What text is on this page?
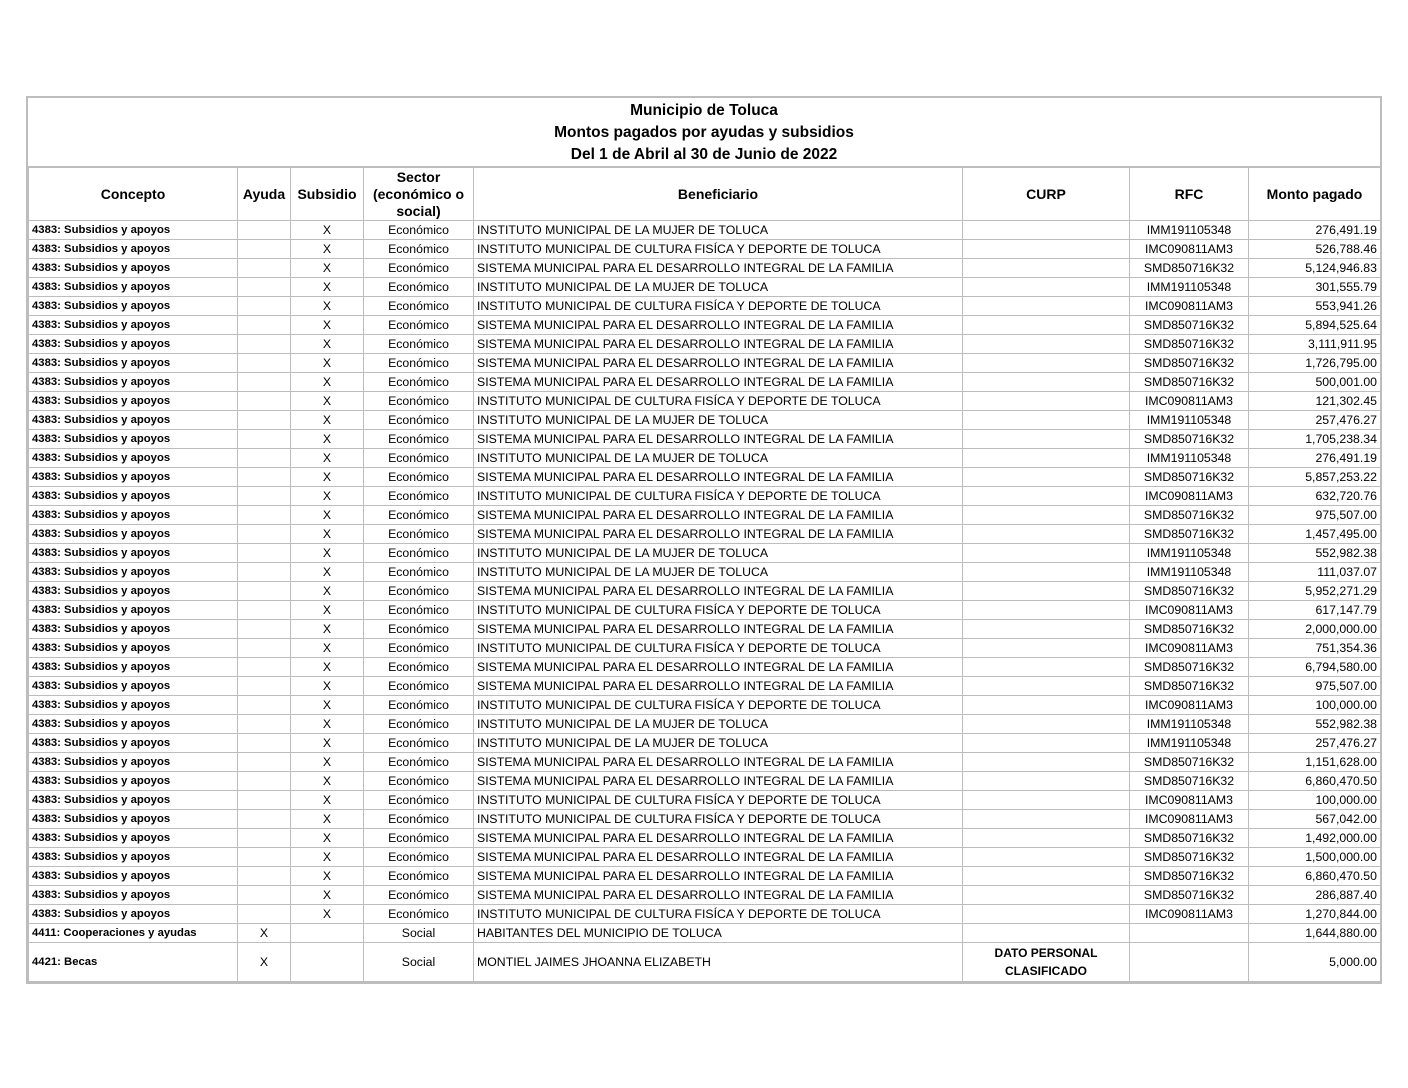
Municipio de Toluca
Montos pagados por ayudas y subsidios
Del 1 de Abril al 30 de Junio de 2022
Concepto	Ayuda	Subsidio	Sector (económico o social)	Beneficiario	CURP	RFC	Monto pagado
4383: Subsidios y apoyos		X	Económico	INSTITUTO MUNICIPAL DE LA MUJER DE TOLUCA		IMM191105348	276,491.19
4383: Subsidios y apoyos		X	Económico	INSTITUTO MUNICIPAL DE CULTURA FISÍCA Y DEPORTE DE TOLUCA		IMC090811AM3	526,788.46
4383: Subsidios y apoyos		X	Económico	SISTEMA MUNICIPAL PARA EL DESARROLLO INTEGRAL DE LA FAMILIA		SMD850716K32	5,124,946.83
4383: Subsidios y apoyos		X	Económico	INSTITUTO MUNICIPAL DE LA MUJER DE TOLUCA		IMM191105348	301,555.79
4383: Subsidios y apoyos		X	Económico	INSTITUTO MUNICIPAL DE CULTURA FISÍCA Y DEPORTE DE TOLUCA		IMC090811AM3	553,941.26
4383: Subsidios y apoyos		X	Económico	SISTEMA MUNICIPAL PARA EL DESARROLLO INTEGRAL DE LA FAMILIA		SMD850716K32	5,894,525.64
4383: Subsidios y apoyos		X	Económico	SISTEMA MUNICIPAL PARA EL DESARROLLO INTEGRAL DE LA FAMILIA		SMD850716K32	3,111,911.95
4383: Subsidios y apoyos		X	Económico	SISTEMA MUNICIPAL PARA EL DESARROLLO INTEGRAL DE LA FAMILIA		SMD850716K32	1,726,795.00
4383: Subsidios y apoyos		X	Económico	SISTEMA MUNICIPAL PARA EL DESARROLLO INTEGRAL DE LA FAMILIA		SMD850716K32	500,001.00
4383: Subsidios y apoyos		X	Económico	INSTITUTO MUNICIPAL DE CULTURA FISÍCA Y DEPORTE DE TOLUCA		IMC090811AM3	121,302.45
4383: Subsidios y apoyos		X	Económico	INSTITUTO MUNICIPAL DE LA MUJER DE TOLUCA		IMM191105348	257,476.27
4383: Subsidios y apoyos		X	Económico	SISTEMA MUNICIPAL PARA EL DESARROLLO INTEGRAL DE LA FAMILIA		SMD850716K32	1,705,238.34
4383: Subsidios y apoyos		X	Económico	INSTITUTO MUNICIPAL DE LA MUJER DE TOLUCA		IMM191105348	276,491.19
4383: Subsidios y apoyos		X	Económico	SISTEMA MUNICIPAL PARA EL DESARROLLO INTEGRAL DE LA FAMILIA		SMD850716K32	5,857,253.22
4383: Subsidios y apoyos		X	Económico	INSTITUTO MUNICIPAL DE CULTURA FISÍCA Y DEPORTE DE TOLUCA		IMC090811AM3	632,720.76
4383: Subsidios y apoyos		X	Económico	SISTEMA MUNICIPAL PARA EL DESARROLLO INTEGRAL DE LA FAMILIA		SMD850716K32	975,507.00
4383: Subsidios y apoyos		X	Económico	SISTEMA MUNICIPAL PARA EL DESARROLLO INTEGRAL DE LA FAMILIA		SMD850716K32	1,457,495.00
4383: Subsidios y apoyos		X	Económico	INSTITUTO MUNICIPAL DE LA MUJER DE TOLUCA		IMM191105348	552,982.38
4383: Subsidios y apoyos		X	Económico	INSTITUTO MUNICIPAL DE LA MUJER DE TOLUCA		IMM191105348	111,037.07
4383: Subsidios y apoyos		X	Económico	SISTEMA MUNICIPAL PARA EL DESARROLLO INTEGRAL DE LA FAMILIA		SMD850716K32	5,952,271.29
4383: Subsidios y apoyos		X	Económico	INSTITUTO MUNICIPAL DE CULTURA FISÍCA Y DEPORTE DE TOLUCA		IMC090811AM3	617,147.79
4383: Subsidios y apoyos		X	Económico	SISTEMA MUNICIPAL PARA EL DESARROLLO INTEGRAL DE LA FAMILIA		SMD850716K32	2,000,000.00
4383: Subsidios y apoyos		X	Económico	INSTITUTO MUNICIPAL DE CULTURA FISÍCA Y DEPORTE DE TOLUCA		IMC090811AM3	751,354.36
4383: Subsidios y apoyos		X	Económico	SISTEMA MUNICIPAL PARA EL DESARROLLO INTEGRAL DE LA FAMILIA		SMD850716K32	6,794,580.00
4383: Subsidios y apoyos		X	Económico	SISTEMA MUNICIPAL PARA EL DESARROLLO INTEGRAL DE LA FAMILIA		SMD850716K32	975,507.00
4383: Subsidios y apoyos		X	Económico	INSTITUTO MUNICIPAL DE CULTURA FISÍCA Y DEPORTE DE TOLUCA		IMC090811AM3	100,000.00
4383: Subsidios y apoyos		X	Económico	INSTITUTO MUNICIPAL DE LA MUJER DE TOLUCA		IMM191105348	552,982.38
4383: Subsidios y apoyos		X	Económico	INSTITUTO MUNICIPAL DE LA MUJER DE TOLUCA		IMM191105348	257,476.27
4383: Subsidios y apoyos		X	Económico	SISTEMA MUNICIPAL PARA EL DESARROLLO INTEGRAL DE LA FAMILIA		SMD850716K32	1,151,628.00
4383: Subsidios y apoyos		X	Económico	SISTEMA MUNICIPAL PARA EL DESARROLLO INTEGRAL DE LA FAMILIA		SMD850716K32	6,860,470.50
4383: Subsidios y apoyos		X	Económico	INSTITUTO MUNICIPAL DE CULTURA FISÍCA Y DEPORTE DE TOLUCA		IMC090811AM3	100,000.00
4383: Subsidios y apoyos		X	Económico	INSTITUTO MUNICIPAL DE CULTURA FISÍCA Y DEPORTE DE TOLUCA		IMC090811AM3	567,042.00
4383: Subsidios y apoyos		X	Económico	SISTEMA MUNICIPAL PARA EL DESARROLLO INTEGRAL DE LA FAMILIA		SMD850716K32	1,492,000.00
4383: Subsidios y apoyos		X	Económico	SISTEMA MUNICIPAL PARA EL DESARROLLO INTEGRAL DE LA FAMILIA		SMD850716K32	1,500,000.00
4383: Subsidios y apoyos		X	Económico	SISTEMA MUNICIPAL PARA EL DESARROLLO INTEGRAL DE LA FAMILIA		SMD850716K32	6,860,470.50
4383: Subsidios y apoyos		X	Económico	SISTEMA MUNICIPAL PARA EL DESARROLLO INTEGRAL DE LA FAMILIA		SMD850716K32	286,887.40
4383: Subsidios y apoyos		X	Económico	INSTITUTO MUNICIPAL DE CULTURA FISÍCA Y DEPORTE DE TOLUCA		IMC090811AM3	1,270,844.00
4411: Cooperaciones y ayudas	X		Social	HABITANTES DEL MUNICIPIO DE TOLUCA			1,644,880.00
4421: Becas	X		Social	MONTIEL JAIMES JHOANNA ELIZABETH	DATO PERSONAL CLASIFICADO		5,000.00
